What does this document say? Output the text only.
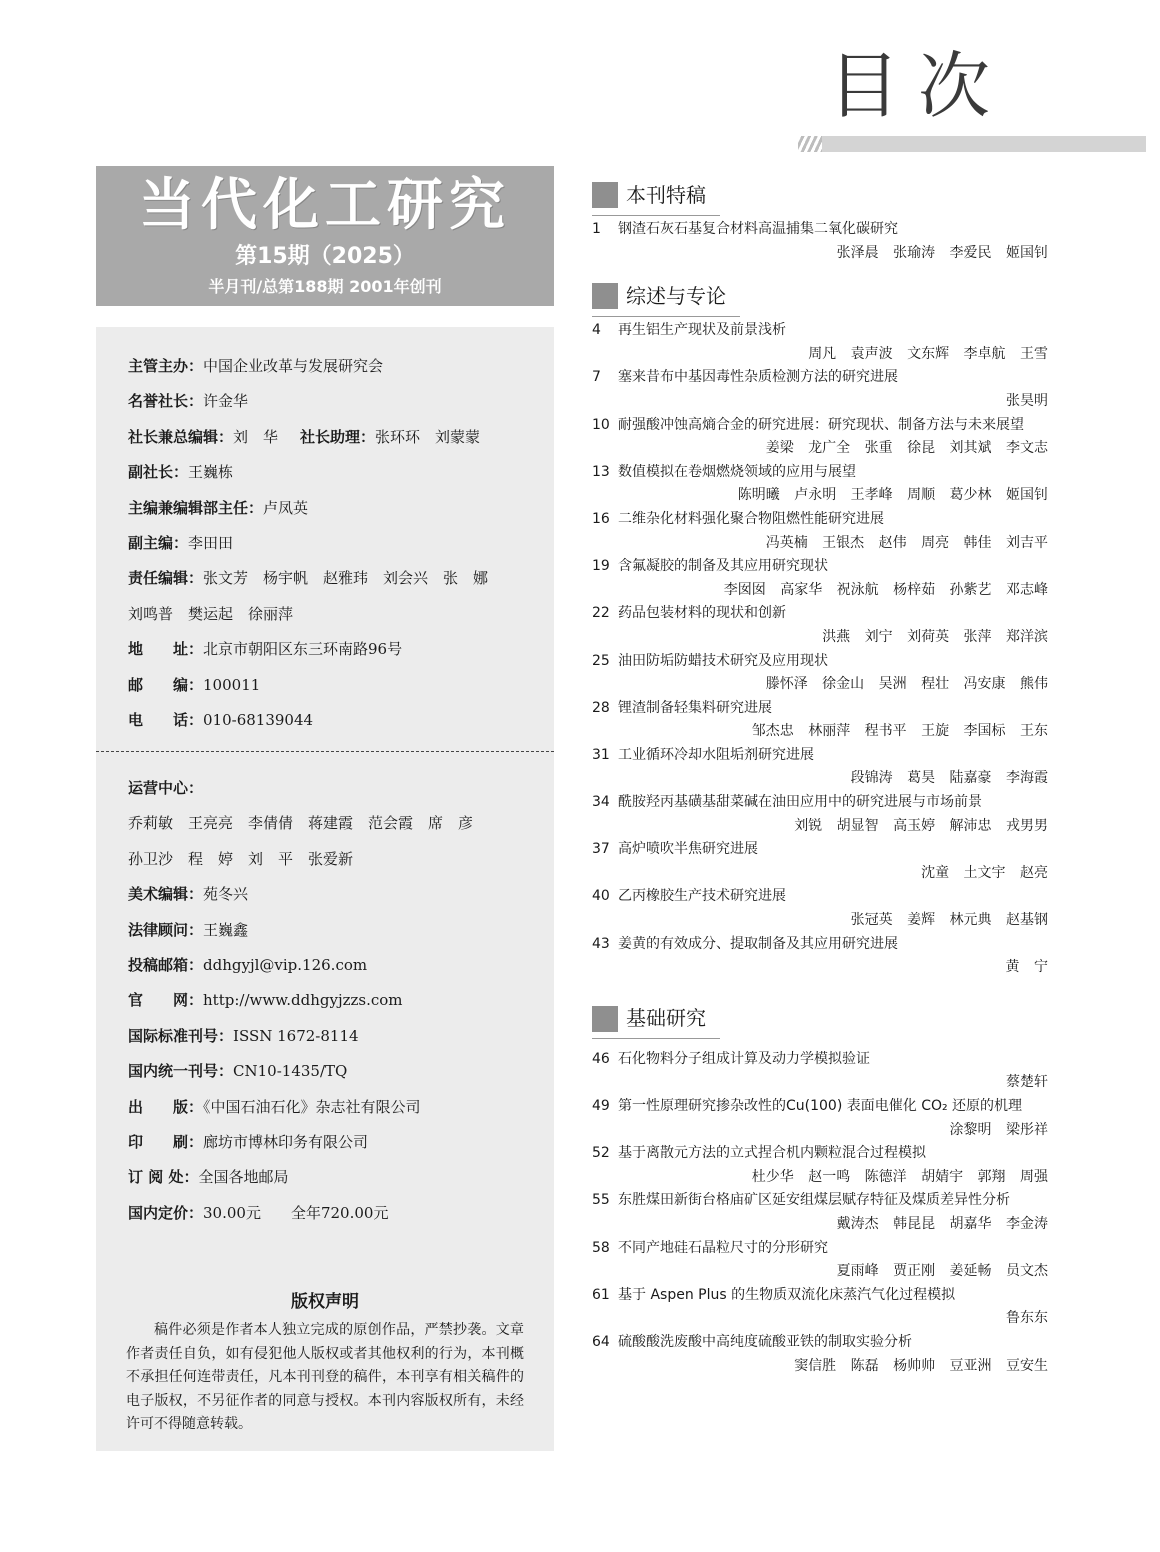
目次
当代化工研究
第15期（2025）
半月刊/总第188期 2001年创刊
主管主办：中国企业改革与发展研究会
名誉社长：许金华
社长兼总编辑：刘　华 社长助理：张环环　刘蒙蒙
副社长：王巍栋
主编兼编辑部主任：卢凤英
副主编：李田田
责任编辑：张文芳　杨宇帆　赵雅玮　刘会兴　张　娜
刘鸣普　樊运起　徐丽萍
地　　址：北京市朝阳区东三环南路96号
邮　　编：100011
电　　话：010-68139044
运营中心：
乔莉敏　王亮亮　李倩倩　蒋建霞　范会霞　席　彦
孙卫沙　程　婷　刘　平　张爱新
美术编辑：苑冬兴
法律顾问：王巍鑫
投稿邮箱：ddhgyjl@vip.126.com
官　　网：http://www.ddhgyjzzs.com
国际标准刊号：ISSN 1672-8114
国内统一刊号：CN10-1435/TQ
出　　版：《中国石油石化》杂志社有限公司
印　　刷：廊坊市博林印务有限公司
订 阅 处：全国各地邮局
国内定价：30.00元　　全年720.00元
版权声明
稿件必须是作者本人独立完成的原创作品，严禁抄袭。文章作者责任自负，如有侵犯他人版权或者其他权利的行为，本刊概不承担任何连带责任，凡本刊刊登的稿件，本刊享有相关稿件的电子版权，不另征作者的同意与授权。本刊内容版权所有，未经许可不得随意转载。
本刊特稿
1 钢渣石灰石基复合材料高温捕集二氧化碳研究
张泽晨 张瑜涛 李爱民 姬国钊
综述与专论
4 再生铝生产现状及前景浅析
周凡 袁声波 文东辉 李卓航 王雪
7 塞来昔布中基因毒性杂质检测方法的研究进展
张昊明
10 耐强酸冲蚀高熵合金的研究进展：研究现状、制备方法与未来展望
姜梁 龙广全 张重 徐昆 刘其斌 李文志
13 数值模拟在卷烟燃烧领域的应用与展望
陈明曦 卢永明 王孝峰 周顺 葛少林 姬国钊
16 二维杂化材料强化聚合物阻燃性能研究进展
冯英楠 王银杰 赵伟 周亮 韩佳 刘吉平
19 含氟凝胶的制备及其应用研究现状
李囡囡 高家华 祝泳航 杨梓茹 孙紫艺 邓志峰
22 药品包装材料的现状和创新
洪燕 刘宁 刘荷英 张萍 郑洋滨
25 油田防垢防蜡技术研究及应用现状
滕怀泽 徐金山 吴洲 程壮 冯安康 熊伟
28 锂渣制备轻集料研究进展
邹杰忠 林丽萍 程书平 王旋 李国标 王东
31 工业循环冷却水阻垢剂研究进展
段锦涛 葛昊 陆嘉豪 李海霞
34 酰胺羟丙基磺基甜菜碱在油田应用中的研究进展与市场前景
刘锐 胡显智 高玉婷 解沛忠 戎男男
37 高炉喷吹半焦研究进展
沈童 土文宇 赵亮
40 乙丙橡胶生产技术研究进展
张冠英 姜辉 林元典 赵基钢
43 姜黄的有效成分、提取制备及其应用研究进展
黄 宁
基础研究
46 石化物料分子组成计算及动力学模拟验证
蔡楚轩
49 第一性原理研究掺杂改性的Cu(100) 表面电催化 CO₂ 还原的机理
涂黎明 梁彤祥
52 基于离散元方法的立式捏合机内颗粒混合过程模拟
杜少华 赵一鸣 陈德洋 胡婧宇 郭翔 周强
55 东胜煤田新街台格庙矿区延安组煤层赋存特征及煤质差异性分析
戴涛杰 韩昆昆 胡嘉华 李金涛
58 不同产地硅石晶粒尺寸的分形研究
夏雨峰 贾正刚 姜延畅 员文杰
61 基于 Aspen Plus 的生物质双流化床蒸汽气化过程模拟
鲁东东
64 硫酸酸洗废酸中高纯度硫酸亚铁的制取实验分析
窦信胜 陈磊 杨帅帅 豆亚洲 豆安生
